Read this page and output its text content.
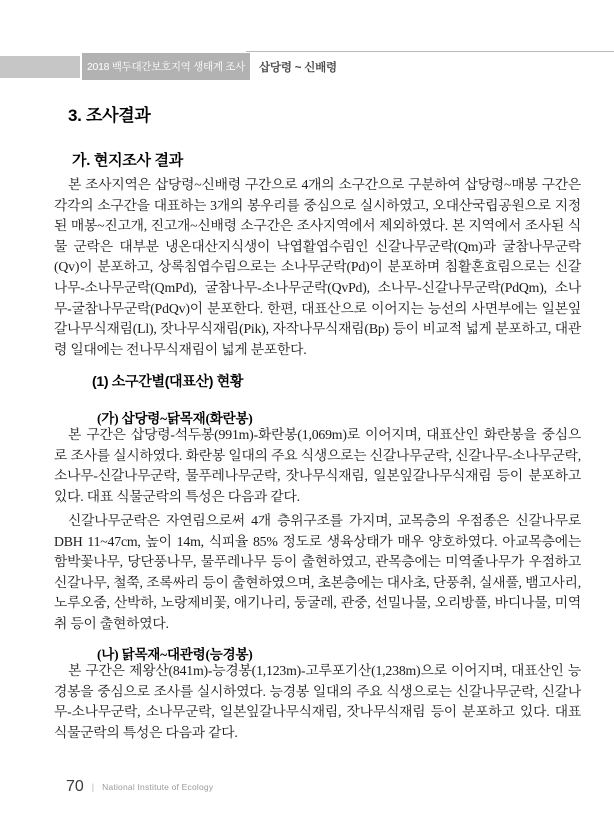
2018 백두대간보호지역 생태계 조사	삽당령 ~ 신배령
3. 조사결과
가. 현지조사 결과

본 조사지역은 삽당령~신배령 구간으로 4개의 소구간으로 구분하여 삽당령~매봉 구간은 각각의 소구간을 대표하는 3개의 봉우리를 중심으로 실시하였고, 오대산국립공원으로 지정된 매봉~진고개, 진고개~신배령 소구간은 조사지역에서 제외하였다. 본 지역에서 조사된 식물 군락은 대부분 냉온대산지식생이 낙엽활엽수림인 신갈나무군락(Qm)과 굴참나무군락(Qv)이 분포하고, 상록침엽수림으로는 소나무군락(Pd)이 분포하며 침활혼효림으로는 신갈나무-소나무군락(QmPd), 굴참나무-소나무군락(QvPd), 소나무-신갈나무군락(PdQm), 소나무-굴참나무군락(PdQv)이 분포한다. 한편, 대표산으로 이어지는 능선의 사면부에는 일본잎갈나무식재림(Ll), 잣나무식재림(Pik), 자작나무식재림(Bp) 등이 비교적 넓게 분포하고, 대관령 일대에는 전나무식재림이 넓게 분포한다.

(1) 소구간별(대표산) 현황
(가) 삽당령~닭목재(화란봉)

본 구간은 삽당령-석두봉(991m)-화란봉(1,069m)로 이어지며, 대표산인 화란봉을 중심으로 조사를 실시하였다. 화란봉 일대의 주요 식생으로는 신갈나무군락, 신갈나무-소나무군락, 소나무-신갈나무군락, 물푸레나무군락, 잣나무식재림, 일본잎갈나무식재림 등이 분포하고 있다. 대표 식물군락의 특성은 다음과 같다.

신갈나무군락은 자연림으로써 4개 층위구조를 가지며, 교목층의 우점종은 신갈나무로 DBH 11~47cm, 높이 14m, 식피율 85% 정도로 생육상태가 매우 양호하였다. 아교목층에는 함박꽃나무, 당단풍나무, 물푸레나무 등이 출현하였고, 관목층에는 미역줄나무가 우점하고 신갈나무, 철쭉, 조록싸리 등이 출현하였으며, 초본층에는 대사초, 단풍취, 실새풀, 뱀고사리, 노루오줌, 산박하, 노랑제비꽃, 애기나리, 둥굴레, 관중, 선밀나물, 오리방풀, 바디나물, 미역취 등이 출현하였다.

(나) 닭목재~대관령(능경봉)

본 구간은 제왕산(841m)-능경봉(1,123m)-고루포기산(1,238m)으로 이어지며, 대표산인 능경봉을 중심으로 조사를 실시하였다. 능경봉 일대의 주요 식생으로는 신갈나무군락, 신갈나무-소나무군락, 소나무군락, 일본잎갈나무식재림, 잣나무식재림 등이 분포하고 있다. 대표 식물군락의 특성은 다음과 같다.

70 | National Institute of Ecology
